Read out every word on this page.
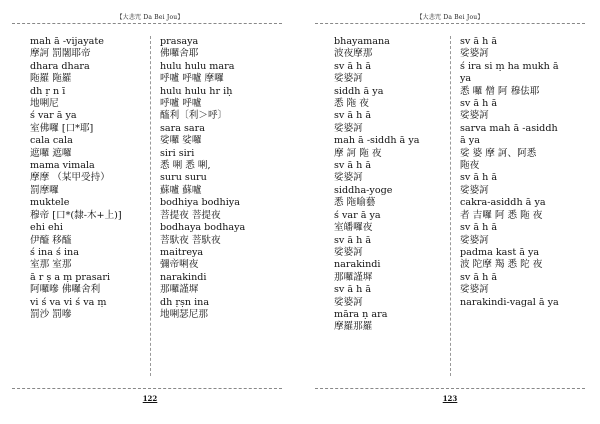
【大悲咒 Da Bei Jou】
mah ā -vijayate
摩訶 罰闍耶帝
dhara dhara
陁羅 陁羅
dh ṛ n ī
地唎尼
ś var ā ya
室佛囉 [口*耶]
cala cala
遮囉 遮囉
mama vimala
摩摩 （某甲受持）
罰摩囉
muktele
穆帝 [口*(隸-木+上)]
ehi ehi
伊醯 移醯
ś ina ś ina
室那 室那
ā r ṣ a ṃ prasari
阿囉嘇 佛囉舍利
vi ś va vi ś va ṃ
罰沙 罰嘇
prasaya
佛囉舍耶
hulu hulu mara
呼嚧 呼嚧 摩囉
hulu hulu hr iḥ
呼嚧 呼嚧
醯利〔利＞呼〕
sara sara
娑囉 娑囉
siri siri
悉 唎 悉 唎,
suru suru
蘇嚧 蘇嚧
bodhiya bodhiya
菩提夜 菩提夜
bodhaya bodhaya
菩馱夜 菩馱夜
maitreya
彌帝唎夜
narakindi
那囉謹墀
dh ṛṣn ina
地唎瑟尼那
122
【大悲咒 Da Bei Jou】
bhayamana
波夜摩那
sv ā h ā
娑婆訶
siddh ā ya
悉 陁 夜
sv ā h ā
娑婆訶
mah ā -siddh ā ya
摩 訶 陁 夜
sv ā h ā
娑婆訶
siddha-yoge
悉 陁喻藝
ś var ā ya
室皤囉夜
sv ā h ā
娑婆訶
narakindi
那囉謹墀
sv ā h ā
娑婆訶
māra ṇ ara
摩羅那羅
sv ā h ā
娑婆訶
ś ira si ṃ ha mukh ā
ya
悉 囉 僧 阿 穆佉耶
sv ā h ā
娑婆訶
sarva mah ā -asiddh
ā ya
娑 婆 摩 訶、阿悉
陁夜
sv ā h ā
娑婆訶
cakra-asiddh ā ya
者 吉囉 阿 悉 陁 夜
sv ā h ā
娑婆訶
padma kast ā ya
波 陀摩 羯 悉 陀 夜
sv ā h ā
娑婆訶
narakindi-vagal ā ya
123
